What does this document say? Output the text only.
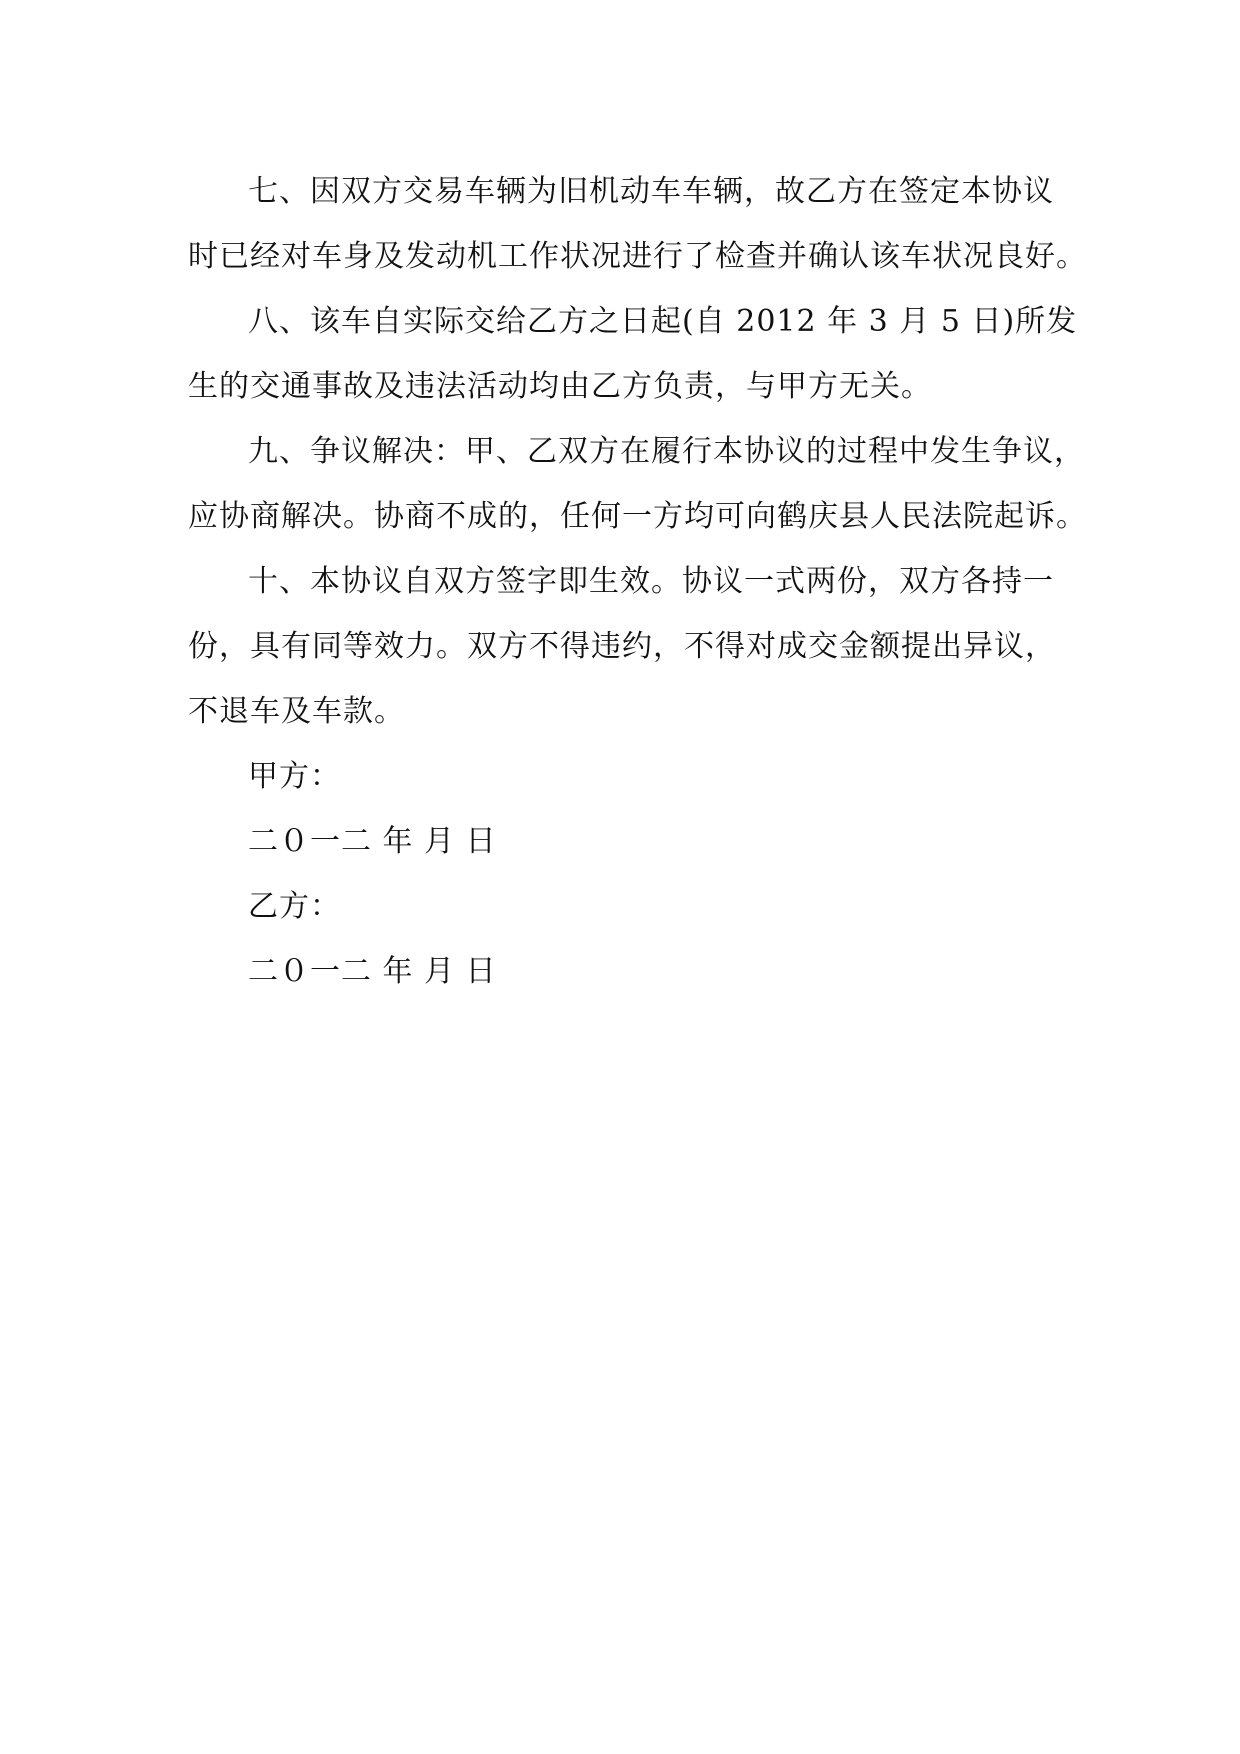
七、因双方交易车辆为旧机动车车辆，故乙方在签定本协议
时已经对车身及发动机工作状况进行了检查并确认该车状况良好。
八、该车自实际交给乙方之日起(自 2012 年 3 月 5 日)所发
生的交通事故及违法活动均由乙方负责，与甲方无关。
九、争议解决：甲、乙双方在履行本协议的过程中发生争议，
应协商解决。协商不成的，任何一方均可向鹤庆县人民法院起诉。
十、本协议自双方签字即生效。协议一式两份，双方各持一
份，具有同等效力。双方不得违约，不得对成交金额提出异议，
不退车及车款。
甲方：
二０一二 年 月 日
乙方：
二０一二 年 月 日
